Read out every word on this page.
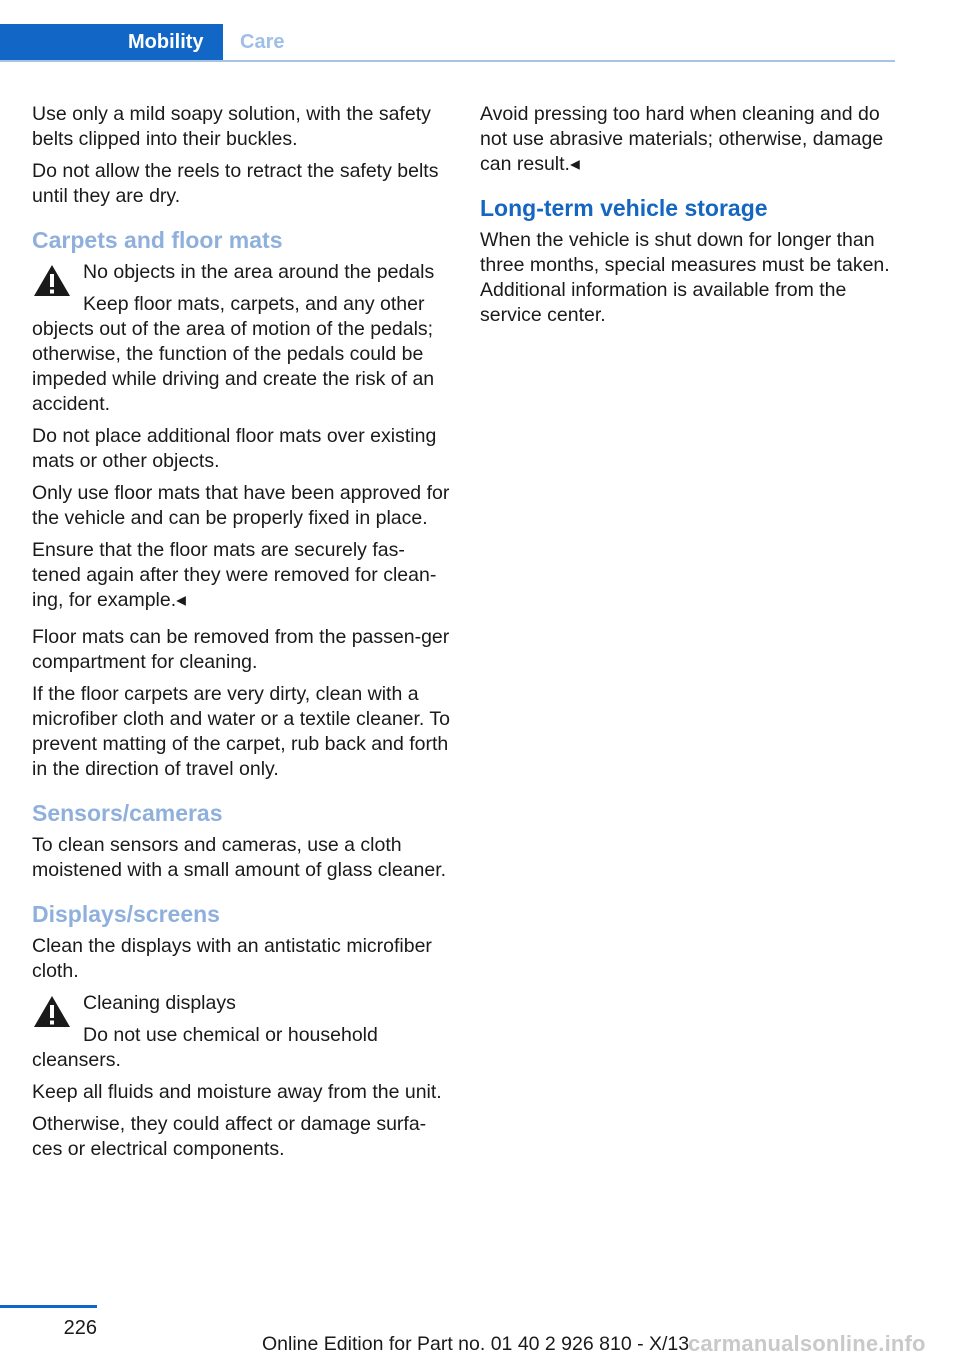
Mobility	Care

Use only a mild soapy solution, with the safety belts clipped into their buckles.

Do not allow the reels to retract the safety belts until they are dry.

Carpets and floor mats

No objects in the area around the pedals

Keep floor mats, carpets, and any other objects out of the area of motion of the pedals; otherwise, the function of the pedals could be impeded while driving and create the risk of an accident.

Do not place additional floor mats over existing mats or other objects.

Only use floor mats that have been approved for the vehicle and can be properly fixed in place.

Ensure that the floor mats are securely fas‐tened again after they were removed for clean‐ing, for example.◂

Floor mats can be removed from the passen‐ger compartment for cleaning.

If the floor carpets are very dirty, clean with a microfiber cloth and water or a textile cleaner. To prevent matting of the carpet, rub back and forth in the direction of travel only.

Sensors/cameras

To clean sensors and cameras, use a cloth moistened with a small amount of glass cleaner.

Displays/screens

Clean the displays with an antistatic microfiber cloth.

Cleaning displays

Do not use chemical or household cleansers.

Keep all fluids and moisture away from the unit.

Otherwise, they could affect or damage surfa‐ces or electrical components.

Avoid pressing too hard when cleaning and do not use abrasive materials; otherwise, damage can result.◂

Long-term vehicle storage

When the vehicle is shut down for longer than three months, special measures must be taken. Additional information is available from the service center.

226
Online Edition for Part no. 01 40 2 926 810 - X/13
carmanualsonline.info
